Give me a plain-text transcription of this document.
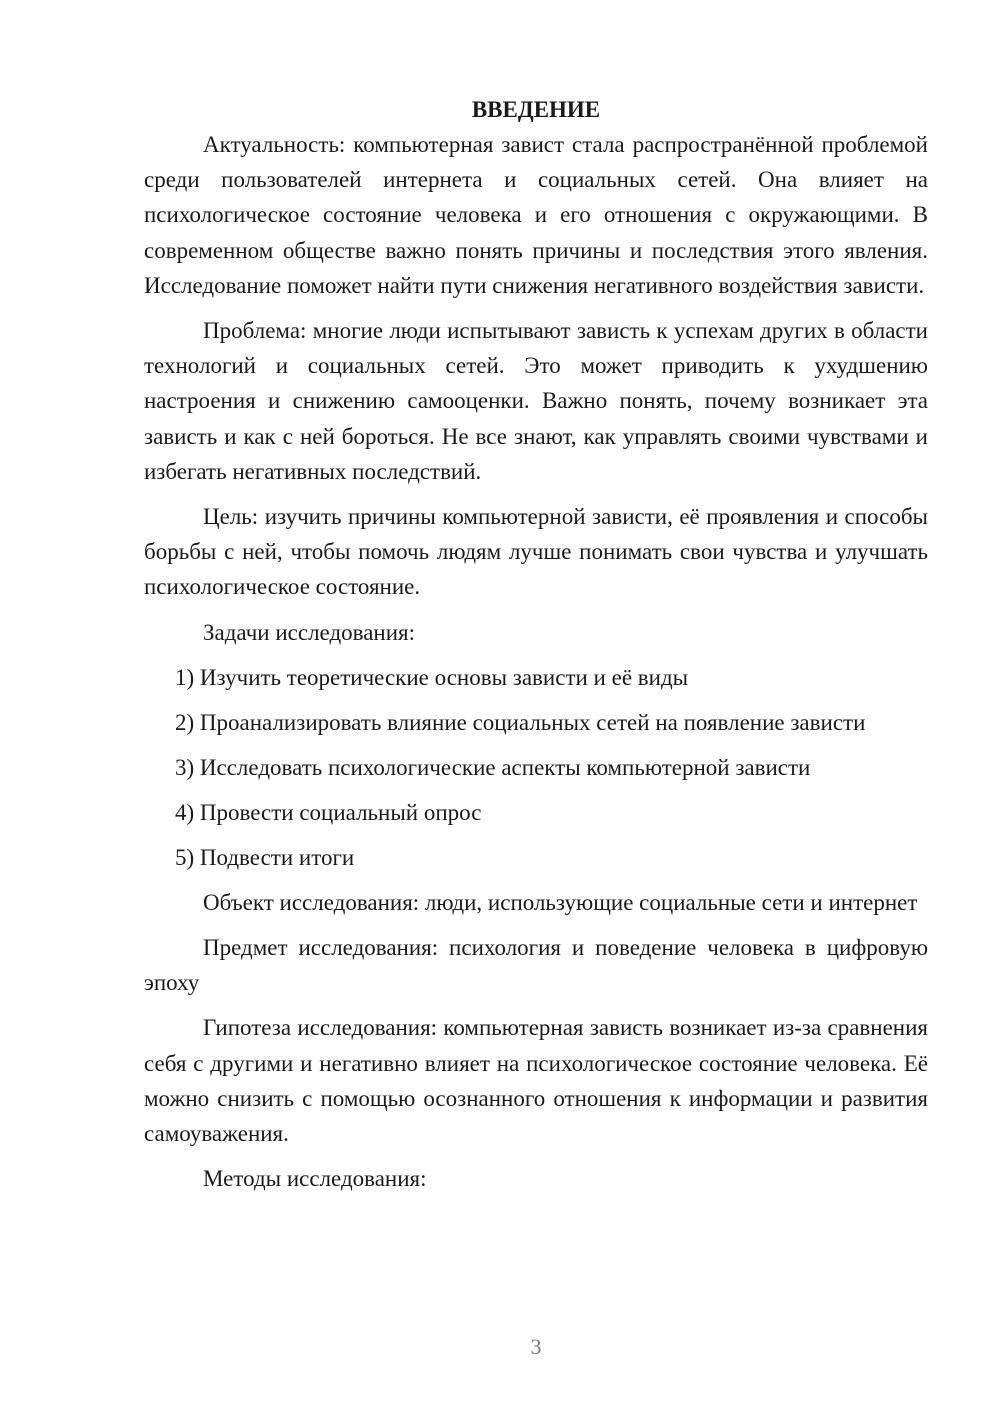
ВВЕДЕНИЕ

Актуальность: компьютерная завист стала распространённой проблемой среди пользователей интернета и социальных сетей. Она влияет на психологическое состояние человека и его отношения с окружающими. В современном обществе важно понять причины и последствия этого явления. Исследование поможет найти пути снижения негативного воздействия зависти.

Проблема: многие люди испытывают зависть к успехам других в области технологий и социальных сетей. Это может приводить к ухудшению настроения и снижению самооценки. Важно понять, почему возникает эта зависть и как с ней бороться. Не все знают, как управлять своими чувствами и избегать негативных последствий.

Цель: изучить причины компьютерной зависти, её проявления и способы борьбы с ней, чтобы помочь людям лучше понимать свои чувства и улучшать психологическое состояние.

Задачи исследования:

1) Изучить теоретические основы зависти и её виды
2) Проанализировать влияние социальных сетей на появление зависти
3) Исследовать психологические аспекты компьютерной зависти
4) Провести социальный опрос
5) Подвести итоги

Объект исследования: люди, использующие социальные сети и интернет

Предмет исследования: психология и поведение человека в цифровую эпоху

Гипотеза исследования: компьютерная зависть возникает из-за сравнения себя с другими и негативно влияет на психологическое состояние человека. Её можно снизить с помощью осознанного отношения к информации и развития самоуважения.

Методы исследования:

3
